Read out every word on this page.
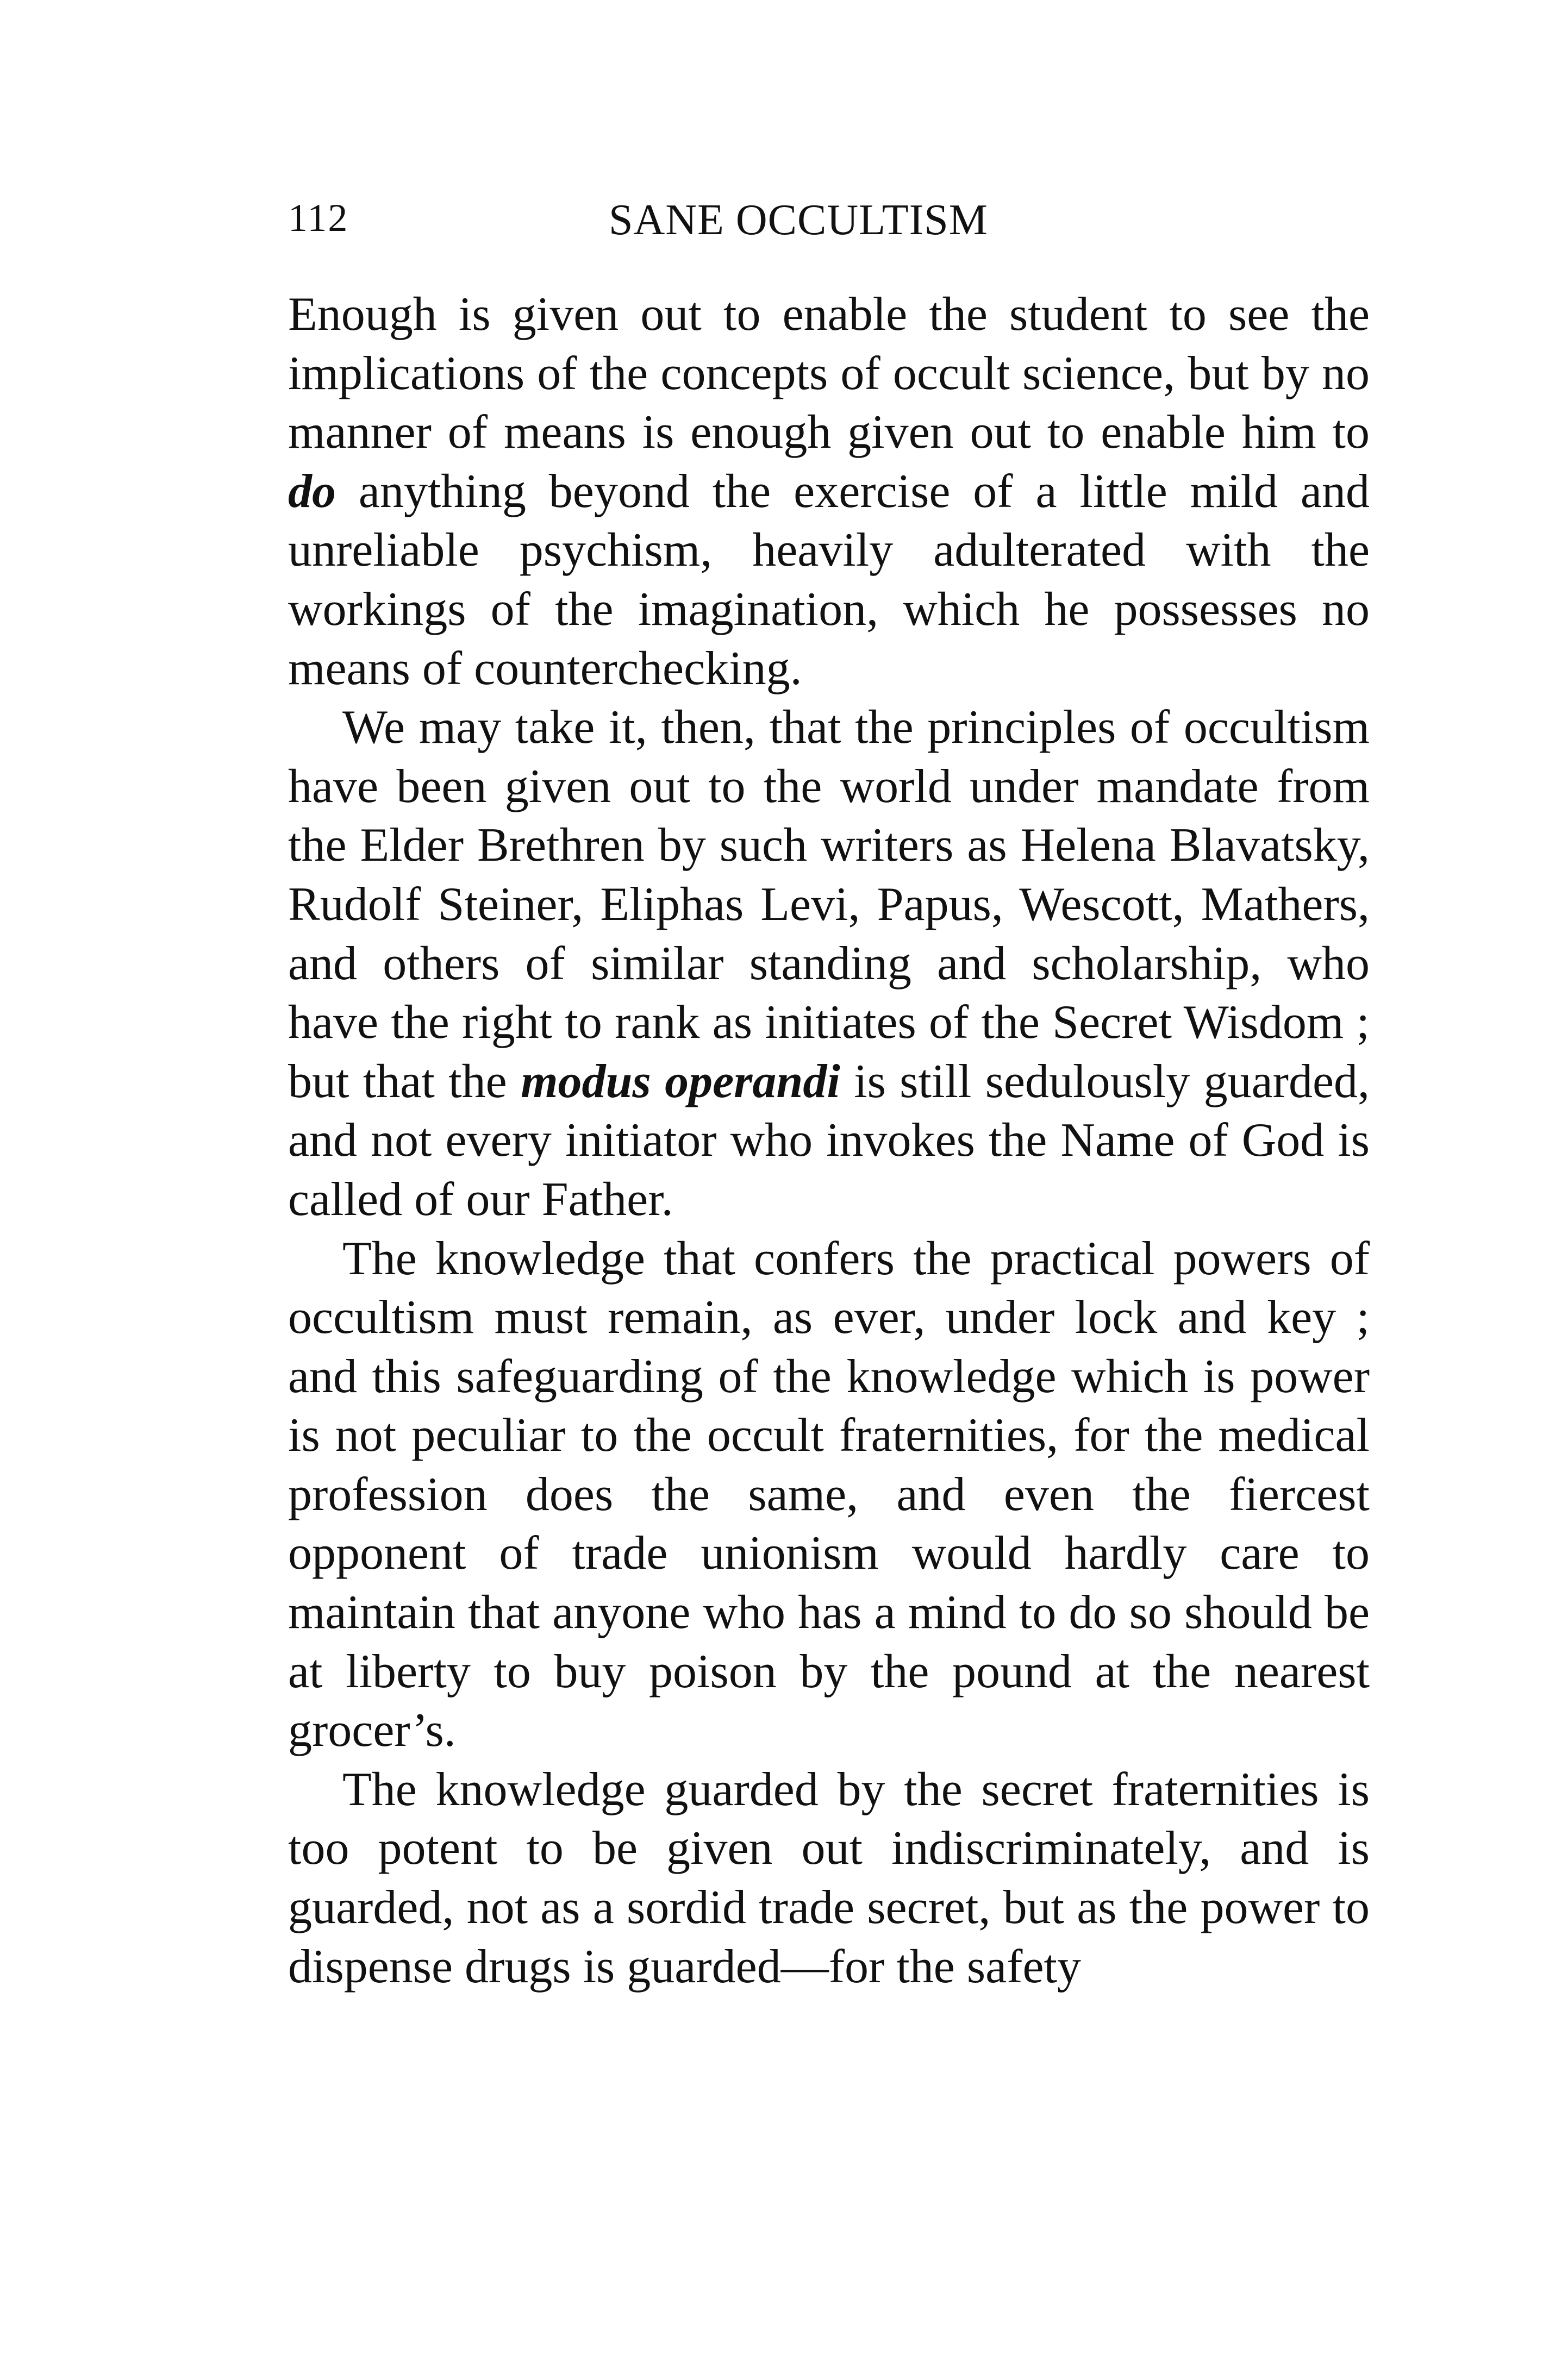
112	SANE OCCULTISM

Enough is given out to enable the student to see the implications of the concepts of occult science, but by no manner of means is enough given out to enable him to do anything beyond the exercise of a little mild and unreliable psychism, heavily adulterated with the workings of the imagination, which he possesses no means of counterchecking.

We may take it, then, that the principles of occultism have been given out to the world under mandate from the Elder Brethren by such writers as Helena Blavatsky, Rudolf Steiner, Eliphas Levi, Papus, Wescott, Mathers, and others of similar standing and scholarship, who have the right to rank as initiates of the Secret Wisdom ; but that the modus operandi is still sedulously guarded, and not every initiator who invokes the Name of God is called of our Father.

The knowledge that confers the practical powers of occultism must remain, as ever, under lock and key ; and this safeguarding of the knowledge which is power is not peculiar to the occult fraternities, for the medical profession does the same, and even the fiercest opponent of trade unionism would hardly care to maintain that anyone who has a mind to do so should be at liberty to buy poison by the pound at the nearest grocer’s.

The knowledge guarded by the secret fraternities is too potent to be given out indiscriminately, and is guarded, not as a sordid trade secret, but as the power to dispense drugs is guarded—for the safety
